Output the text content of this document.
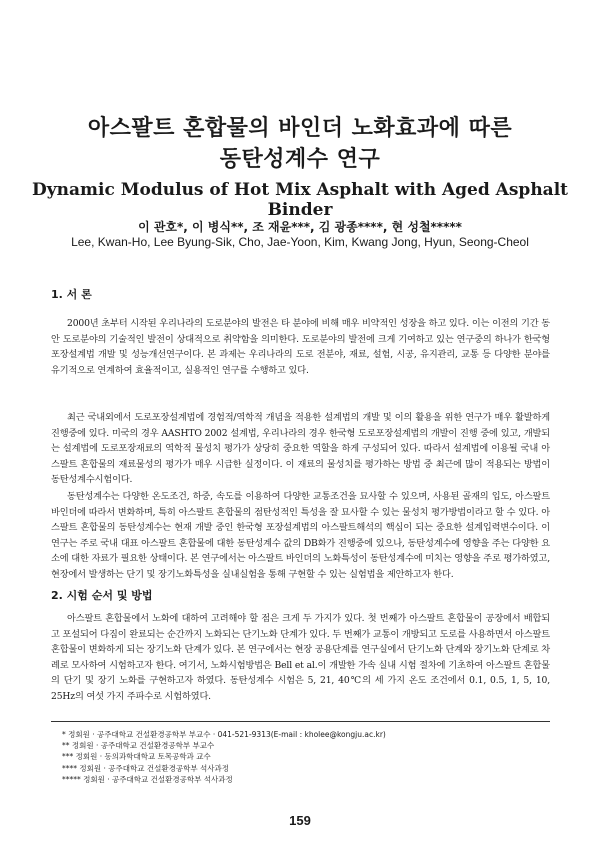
아스팔트 혼합물의 바인더 노화효과에 따른
동탄성계수 연구
Dynamic Modulus of Hot Mix Asphalt with Aged Asphalt Binder
이 관호*, 이 병식**, 조 재윤***, 김 광종****, 현 성철*****
Lee, Kwan-Ho, Lee Byung-Sik, Cho, Jae-Yoon, Kim, Kwang Jong, Hyun, Seong-Cheol
1. 서 론

2000년 초부터 시작된 우리나라의 도로분야의 발전은 타 분야에 비해 매우 비약적인 성장을 하고 있다. 이는 이전의 기간 동안 도로분야의 기술적인 발전이 상대적으로 취약함을 의미한다. 도로분야의 발전에 크게 기여하고 있는 연구중의 하나가 한국형포장설계법 개발 및 성능개선연구이다. 본 과제는 우리나라의 도로 전분야, 재료, 설험, 시공, 유지관리, 교통 등 다양한 분야를 유기적으로 연계하여 효율적이고, 실용적인 연구를 수행하고 있다.

최근 국내외에서 도로포장설계법에 경험적/역학적 개념을 적용한 설계법의 개발 및 이의 활용을 위한 연구가 매우 활발하게 진행중에 있다. 미국의 경우 AASHTO 2002 설계법, 우리나라의 경우 한국형 도로포장설계법의 개발이 진행 중에 있고, 개발되는 설계법에 도로포장재료의 역학적 물성치 평가가 상당히 중요한 역할을 하게 구성되어 있다. 따라서 설계법에 이용될 국내 아스팔트 혼합물의 재료물성의 평가가 매우 시급한 실정이다. 이 재료의 물성치를 평가하는 방법 중 최근에 많이 적용되는 방법이 동탄성계수시험이다.

동탄성계수는 다양한 온도조건, 하중, 속도를 이용하여 다양한 교통조건을 묘사할 수 있으며, 사용된 골재의 입도, 아스팔트 바인더에 따라서 변화하며, 특히 아스팔트 혼합물의 점탄성적인 특성을 잘 묘사할 수 있는 물성치 평가방법이라고 할 수 있다. 아스팔트 혼합물의 동탄성계수는 현재 개발 중인 한국형 포장설계법의 아스팔트해석의 핵심이 되는 중요한 설계입력변수이다. 이 연구는 주로 국내 대표 아스팔트 혼합물에 대한 동탄성계수 값의 DB화가 진행중에 있으나, 동탄성계수에 영향을 주는 다양한 요소에 대한 자료가 필요한 상태이다. 본 연구에서는 아스팔트 바인더의 노화특성이 동탄성계수에 미치는 영향을 주로 평가하였고, 현장에서 발생하는 단기 및 장기노화특성을 실내실험을 통해 구현할 수 있는 실험법을 제안하고자 한다.

2. 시험 순서 및 방법

아스팔트 혼합물에서 노화에 대하여 고려해야 할 점은 크게 두 가지가 있다. 첫 번째가 아스팔트 혼합물이 공장에서 배합되고 포설되어 다짐이 완료되는 순간까지 노화되는 단기노화 단계가 있다. 두 번째가 교통이 개방되고 도로를 사용하면서 아스팔트 혼합물이 변화하게 되는 장기노화 단계가 있다. 본 연구에서는 현장 공용단계를 연구실에서 단기노화 단계와 장기노화 단계로 차례로 모사하여 시험하고자 한다. 여기서, 노화시험방법은 Bell et al.이 개발한 가속 실내 시험 절차에 기초하여 아스팔트 혼합물의 단기 및 장기 노화를 구현하고자 하였다. 동탄성계수 시험은 5, 21, 40℃의 세 가지 온도 조건에서 0.1, 0.5, 1, 5, 10, 25Hz의 여섯 가지 주파수로 시험하였다.

* 정회원 · 공주대학교 건설환경공학부 부교수 · 041-521-9313(E-mail : kholee@kongju.ac.kr)
** 정회원 · 공주대학교 건설환경공학부 부교수
*** 정회원 · 동의과학대학교 토목공학과 교수
**** 정회원 · 공주대학교 건설환경공학부 석사과정
***** 정회원 · 공주대학교 건설환경공학부 석사과정
159
